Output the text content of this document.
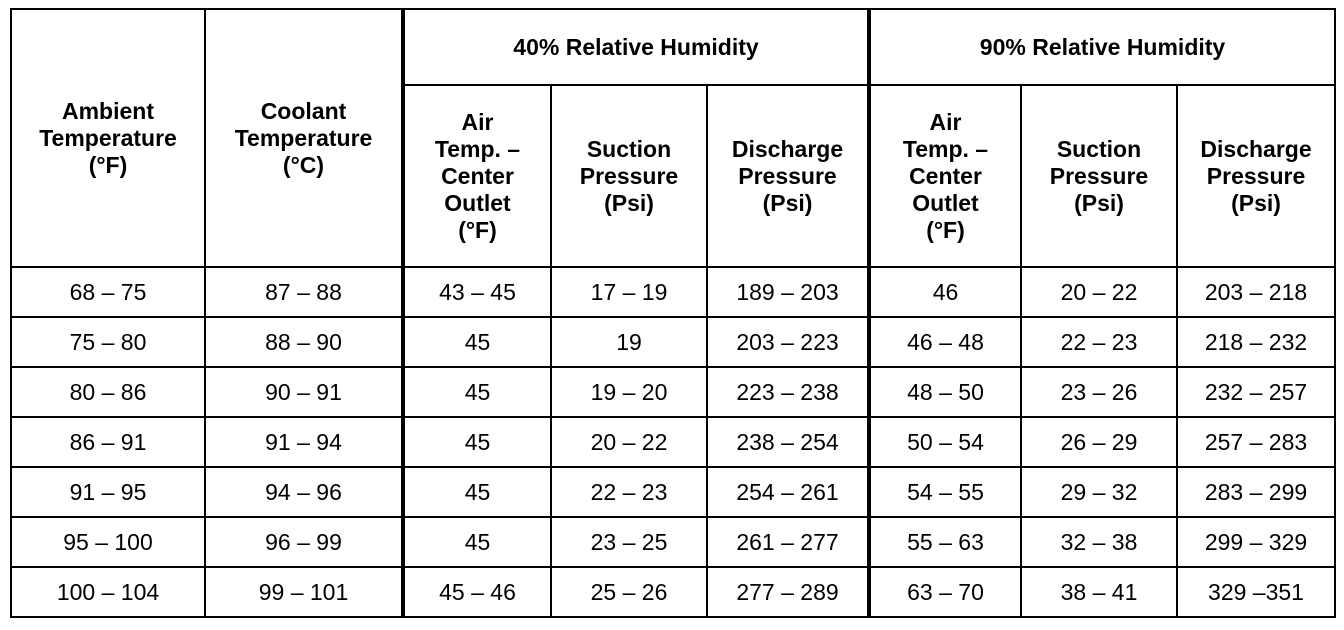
Ambient
Temperature
(°F)	Coolant
Temperature
(°C)	40% Relative Humidity			90% Relative Humidity		

		Air
Temp. –
Center
Outlet
(°F)	Suction
Pressure
(Psi)	Discharge
Pressure
(Psi)	Air
Temp. –
Center
Outlet
(°F)	Suction
Pressure
(Psi)	Discharge
Pressure
(Psi)

68 – 75	87 – 88	43 – 45	17 – 19	189 – 203	46	20 – 22	203 – 218
75 – 80	88 – 90	45	19	203 – 223	46 – 48	22 – 23	218 – 232
80 – 86	90 – 91	45	19 – 20	223 – 238	48 – 50	23 – 26	232 – 257
86 – 91	91 – 94	45	20 – 22	238 – 254	50 – 54	26 – 29	257 – 283
91 – 95	94 – 96	45	22 – 23	254 – 261	54 – 55	29 – 32	283 – 299
95 – 100	96 – 99	45	23 – 25	261 – 277	55 – 63	32 – 38	299 – 329
100 – 104	99 – 101	45 – 46	25 – 26	277 – 289	63 – 70	38 – 41	329 –351
